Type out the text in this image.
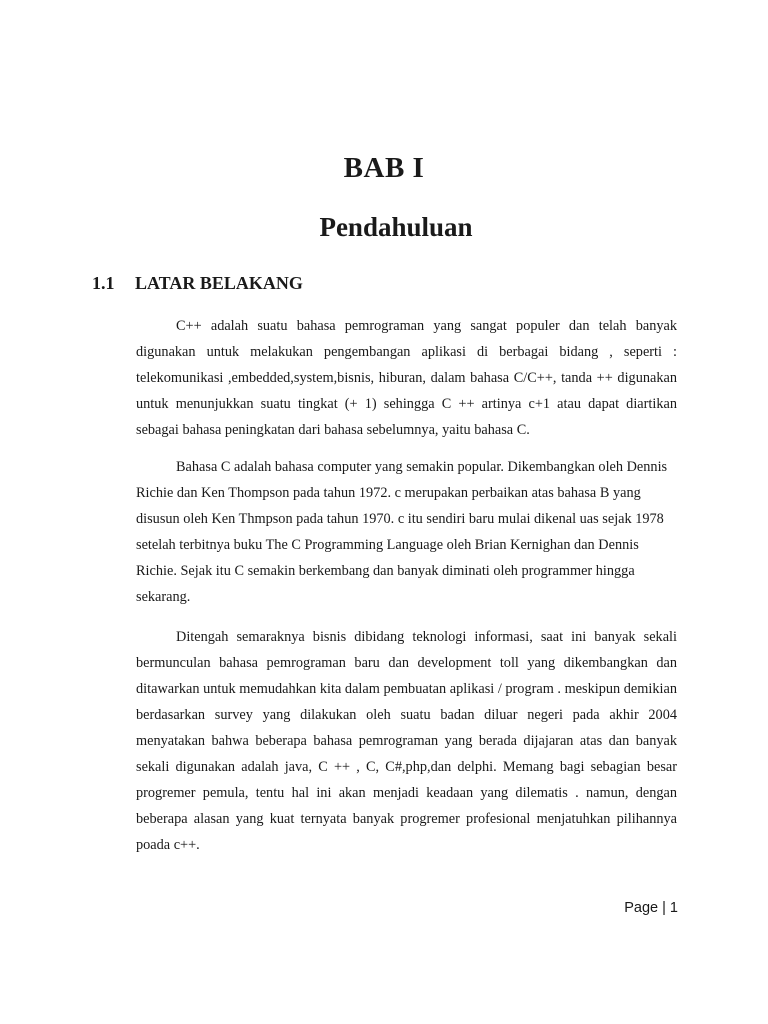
BAB I
Pendahuluan
1.1 LATAR BELAKANG

C++ adalah suatu bahasa pemrograman yang sangat populer dan telah banyak digunakan untuk melakukan pengembangan aplikasi di berbagai bidang , seperti : telekomunikasi ,embedded,system,bisnis, hiburan, dalam bahasa C/C++, tanda ++ digunakan untuk menunjukkan suatu tingkat (+ 1) sehingga C ++ artinya c+1 atau dapat diartikan sebagai bahasa peningkatan dari bahasa sebelumnya, yaitu bahasa C.

Bahasa C adalah bahasa computer yang semakin popular. Dikembangkan oleh Dennis Richie dan Ken Thompson pada tahun 1972. c merupakan perbaikan atas bahasa B yang disusun oleh Ken Thmpson pada tahun 1970. c itu sendiri baru mulai dikenal uas sejak 1978 setelah terbitnya buku The C Programming Language oleh Brian Kernighan dan Dennis Richie. Sejak itu C semakin berkembang dan banyak diminati oleh programmer hingga sekarang.

Ditengah semaraknya bisnis dibidang teknologi informasi, saat ini banyak sekali bermunculan bahasa pemrograman baru dan development toll yang dikembangkan dan ditawarkan untuk memudahkan kita dalam pembuatan aplikasi / program . meskipun demikian berdasarkan survey yang dilakukan oleh suatu badan diluar negeri pada akhir 2004 menyatakan bahwa beberapa bahasa pemrograman yang berada dijajaran atas dan banyak sekali digunakan adalah java, C ++ , C, C#,php,dan delphi. Memang bagi sebagian besar progremer pemula, tentu hal ini akan menjadi keadaan yang dilematis . namun, dengan beberapa alasan yang kuat ternyata banyak progremer profesional menjatuhkan pilihannya poada c++.

Page | 1
